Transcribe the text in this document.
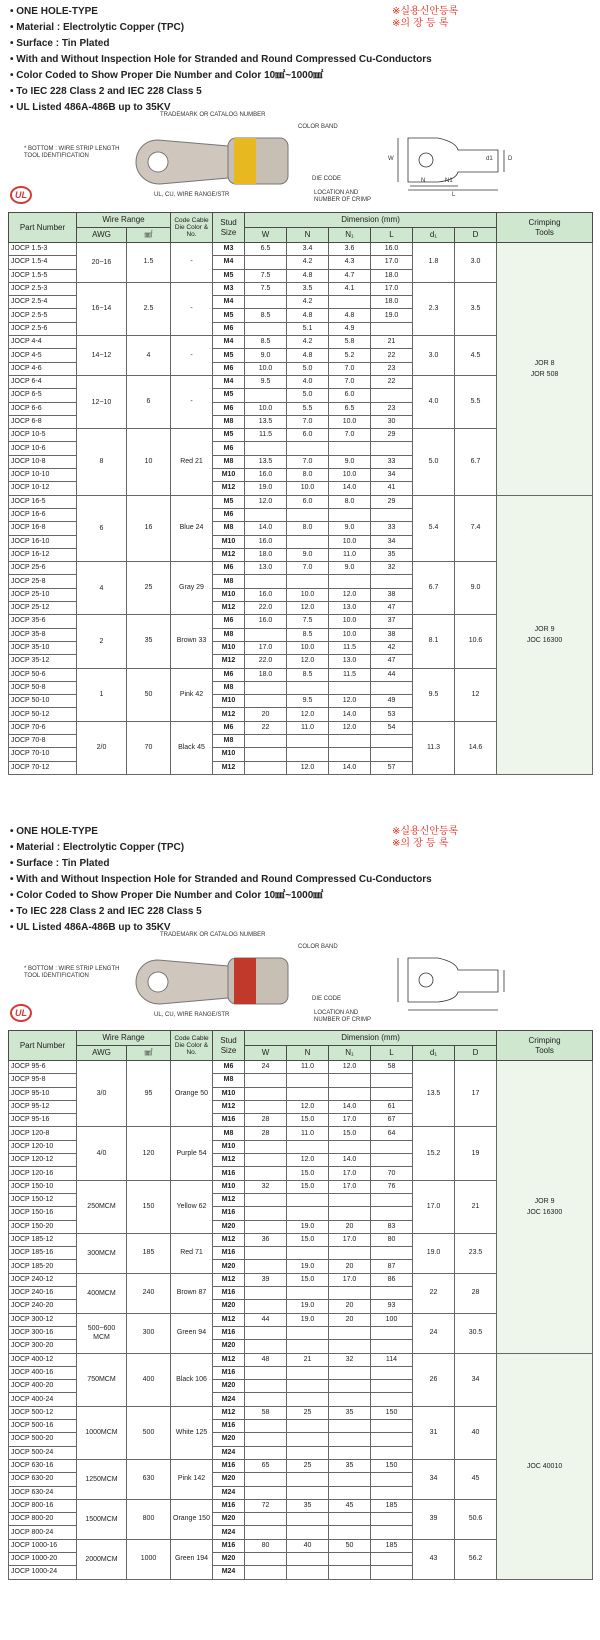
• ONE HOLE-TYPE
• Material : Electrolytic Copper (TPC)
• Surface : Tin Plated
• With and Without Inspection Hole for Stranded and Round Compressed Cu-Conductors
• Color Coded to Show Proper Die Number and Color 10㎟~1000㎟
• To IEC 228 Class 2 and IEC 228 Class 5
• UL Listed 486A-486B up to 35KV
※실용신안등록
※의 장 등 록
TRADEMARK OR CATALOG NUMBER
COLOR BAND
* BOTTOM : WIRE STRIP LENGTH
TOOL IDENTIFICATION
UL, CU, WIRE RANGE/STR
DIE CODE
LOCATION AND
NUMBER OF CRIMP
W	D
d1
N	N1
L
UL
Part Number	Wire Range		Code Cable
Die Color &
No.	Stud
Size	Dimension (mm)						Crimping
Tools
	AWG	㎟			W	N	N₁	L	d₁	D	
JOCP 1.5-3	20~16	1.5	-	M3	6.5	3.4	3.6	16.0	1.8	3.0	JOR 8
JOR 508
JOCP 1.5-4				M4		4.2	4.3	17.0			
JOCP 1.5-5				M5	7.5	4.8	4.7	18.0			
JOCP 2.5-3	16~14	2.5	-	M3	7.5	3.5	4.1	17.0	2.3	3.5	
JOCP 2.5-4				M4		4.2		18.0			
JOCP 2.5-5				M5	8.5	4.8	4.8	19.0			
JOCP 2.5-6				M6		5.1	4.9				
JOCP 4-4	14~12	4	-	M4	8.5	4.2	5.8	21	3.0	4.5	
JOCP 4-5				M5	9.0	4.8	5.2	22			
JOCP 4-6				M6	10.0	5.0	7.0	23			
JOCP 6-4	12~10	6	-	M4	9.5	4.0	7.0	22	4.0	5.5	
JOCP 6-5				M5		5.0	6.0				
JOCP 6-6				M6	10.0	5.5	6.5	23			
JOCP 6-8				M8	13.5	7.0	10.0	30			
JOCP 10-5	8	10	Red 21	M5	11.5	6.0	7.0	29	5.0	6.7	
JOCP 10-6				M6							
JOCP 10-8				M8	13.5	7.0	9.0	33			
JOCP 10-10				M10	16.0	8.0	10.0	34			
JOCP 10-12				M12	19.0	10.0	14.0	41			
JOCP 16-5	6	16	Blue 24	M5	12.0	6.0	8.0	29	5.4	7.4	JOR 9
JOC 16300
JOCP 16-6				M6							
JOCP 16-8				M8	14.0	8.0	9.0	33			
JOCP 16-10				M10	16.0		10.0	34			
JOCP 16-12				M12	18.0	9.0	11.0	35			
JOCP 25-6	4	25	Gray 29	M6	13.0	7.0	9.0	32	6.7	9.0	
JOCP 25-8				M8							
JOCP 25-10				M10	16.0	10.0	12.0	38			
JOCP 25-12				M12	22.0	12.0	13.0	47			
JOCP 35-6	2	35	Brown 33	M6	16.0	7.5	10.0	37	8.1	10.6	
JOCP 35-8				M8		8.5	10.0	38			
JOCP 35-10				M10	17.0	10.0	11.5	42			
JOCP 35-12				M12	22.0	12.0	13.0	47			
JOCP 50-6	1	50	Pink 42	M6	18.0	8.5	11.5	44	9.5	12	
JOCP 50-8				M8							
JOCP 50-10				M10		9.5	12.0	49			
JOCP 50-12				M12	20	12.0	14.0	53			
JOCP 70-6	2/0	70	Black 45	M6	22	11.0	12.0	54	11.3	14.6	
JOCP 70-8				M8							
JOCP 70-10				M10							
JOCP 70-12				M12		12.0	14.0	57			
• ONE HOLE-TYPE
• Material : Electrolytic Copper (TPC)
• Surface : Tin Plated
• With and Without Inspection Hole for Stranded and Round Compressed Cu-Conductors
• Color Coded to Show Proper Die Number and Color 10㎟~1000㎟
• To IEC 228 Class 2 and IEC 228 Class 5
• UL Listed 486A-486B up to 35KV
※실용신안등록
※의 장 등 록
TRADEMARK OR CATALOG NUMBER
COLOR BAND
* BOTTOM : WIRE STRIP LENGTH
TOOL IDENTIFICATION
UL, CU, WIRE RANGE/STR
DIE CODE
LOCATION AND
NUMBER OF CRIMP
UL
Part Number	Wire Range		Code Cable
Die Color &
No.	Stud
Size	Dimension (mm)						Crimping
Tools
	AWG	㎟			W	N	N₁	L	d₁	D	
JOCP 95-6	3/0	95	Orange 50	M6	24	11.0	12.0	58	13.5	17	JOR 9
JOC 16300
JOCP 95-8				M8							
JOCP 95-10				M10							
JOCP 95-12				M12		12.0	14.0	61			
JOCP 95-16				M16	28	15.0	17.0	67			
JOCP 120-8	4/0	120	Purple 54	M8	28	11.0	15.0	64	15.2	19	
JOCP 120-10				M10							
JOCP 120-12				M12		12.0	14.0				
JOCP 120-16				M16		15.0	17.0	70			
JOCP 150-10	250MCM	150	Yellow 62	M10	32	15.0	17.0	76	17.0	21	
JOCP 150-12				M12							
JOCP 150-16				M16							
JOCP 150-20				M20		19.0	20	83			
JOCP 185-12	300MCM	185	Red 71	M12	36	15.0	17.0	80	19.0	23.5	
JOCP 185-16				M16							
JOCP 185-20				M20		19.0	20	87			
JOCP 240-12	400MCM	240	Brown 87	M12	39	15.0	17.0	86	22	28	
JOCP 240-16				M16							
JOCP 240-20				M20		19.0	20	93			
JOCP 300-12	500~600
MCM	300	Green 94	M12	44	19.0	20	100	24	30.5	
JOCP 300-16				M16							
JOCP 300-20				M20							
JOCP 400-12	750MCM	400	Black 106	M12	48	21	32	114	26	34	JOC 40010
JOCP 400-16				M16							
JOCP 400-20				M20							
JOCP 400-24				M24							
JOCP 500-12	1000MCM	500	White 125	M12	58	25	35	150	31	40	
JOCP 500-16				M16							
JOCP 500-20				M20							
JOCP 500-24				M24							
JOCP 630-16	1250MCM	630	Pink 142	M16	65	25	35	150	34	45	
JOCP 630-20				M20							
JOCP 630-24				M24							
JOCP 800-16	1500MCM	800	Orange 150	M16	72	35	45	185	39	50.6	
JOCP 800-20				M20							
JOCP 800-24				M24							
JOCP 1000-16	2000MCM	1000	Green 194	M16	80	40	50	185	43	56.2	
JOCP 1000-20				M20							
JOCP 1000-24				M24							
